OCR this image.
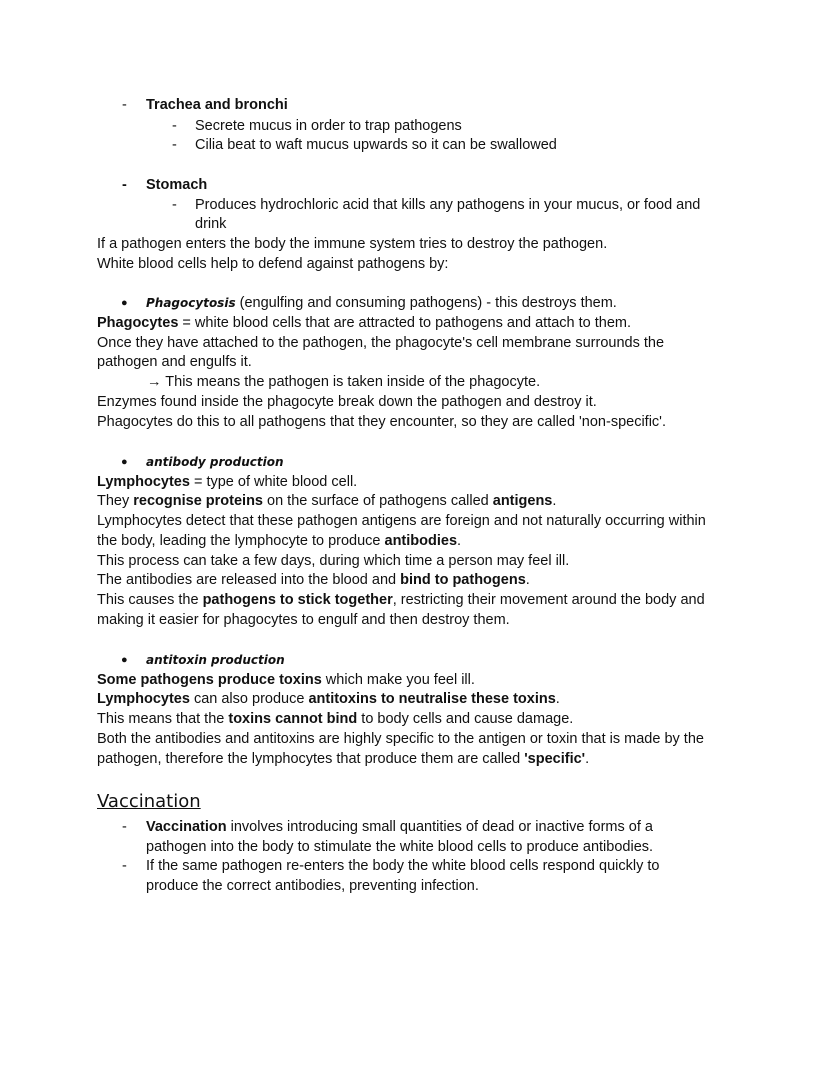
- Trachea and bronchi
- Secrete mucus in order to trap pathogens
- Cilia beat to waft mucus upwards so it can be swallowed
- Stomach
- Produces hydrochloric acid that kills any pathogens in your mucus, or food and
drink
If a pathogen enters the body the immune system tries to destroy the pathogen.
White blood cells help to defend against pathogens by:
● Phagocytosis (engulfing and consuming pathogens) - this destroys them.
Phagocytes = white blood cells that are attracted to pathogens and attach to them.
Once they have attached to the pathogen, the phagocyte's cell membrane surrounds the
pathogen and engulfs it.
→ This means the pathogen is taken inside of the phagocyte.
Enzymes found inside the phagocyte break down the pathogen and destroy it.
Phagocytes do this to all pathogens that they encounter, so they are called 'non-specific'.
● antibody production
Lymphocytes = type of white blood cell.
They recognise proteins on the surface of pathogens called antigens.
Lymphocytes detect that these pathogen antigens are foreign and not naturally occurring within
the body, leading the lymphocyte to produce antibodies.
This process can take a few days, during which time a person may feel ill.
The antibodies are released into the blood and bind to pathogens.
This causes the pathogens to stick together, restricting their movement around the body and
making it easier for phagocytes to engulf and then destroy them.
● antitoxin production
Some pathogens produce toxins which make you feel ill.
Lymphocytes can also produce antitoxins to neutralise these toxins.
This means that the toxins cannot bind to body cells and cause damage.
Both the antibodies and antitoxins are highly specific to the antigen or toxin that is made by the
pathogen, therefore the lymphocytes that produce them are called 'specific'.
Vaccination
- Vaccination involves introducing small quantities of dead or inactive forms of a
pathogen into the body to stimulate the white blood cells to produce antibodies.
- If the same pathogen re-enters the body the white blood cells respond quickly to
produce the correct antibodies, preventing infection.
